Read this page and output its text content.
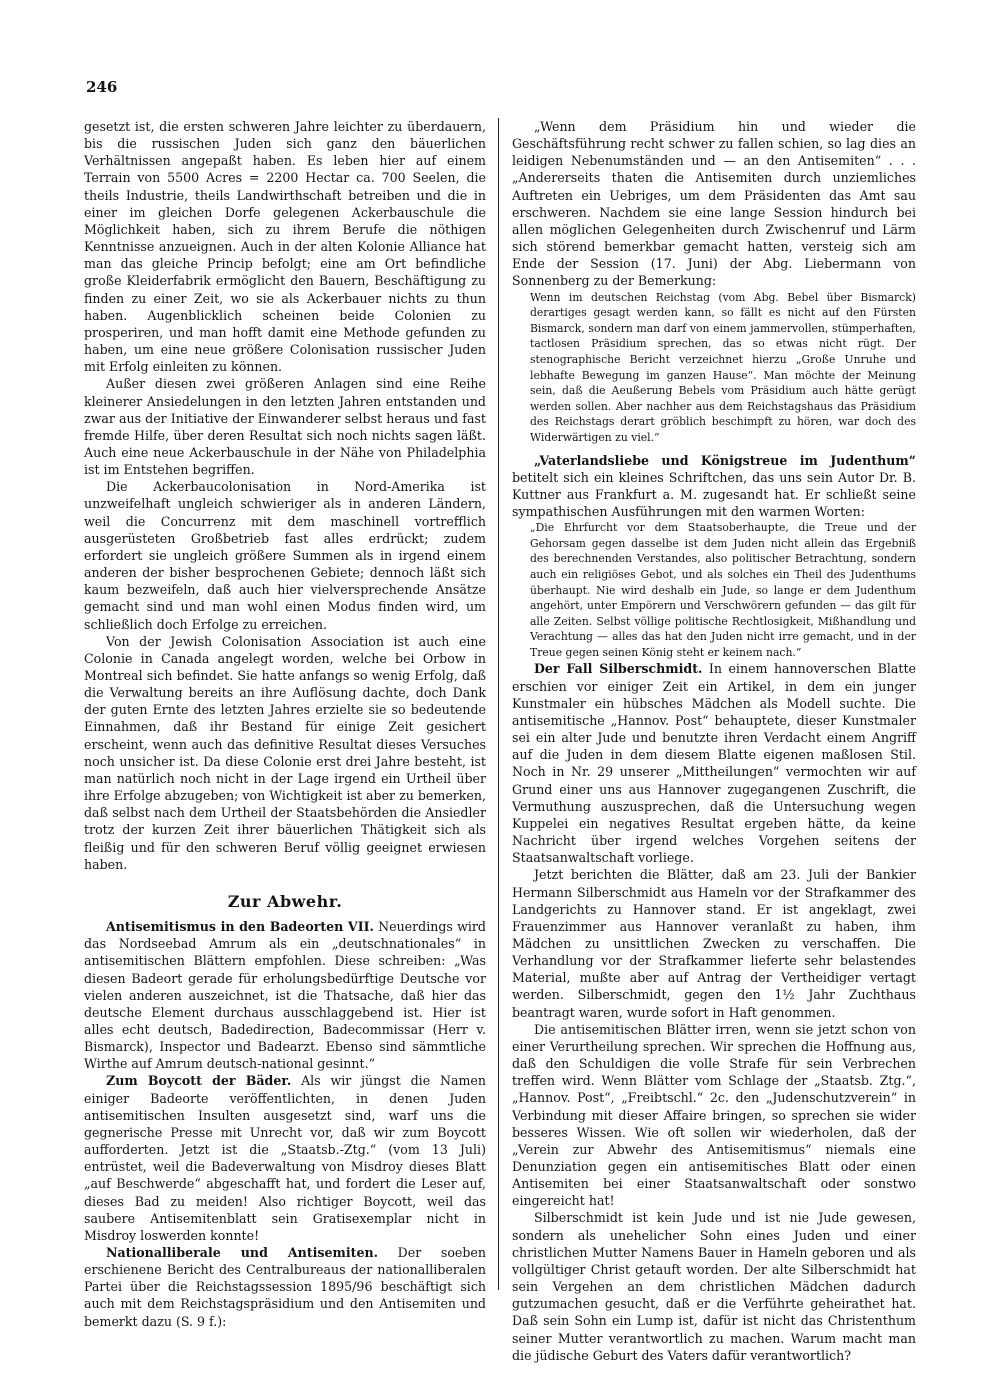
246

gesetzt ist, die ersten schweren Jahre leichter zu überdauern, bis die russischen Juden sich ganz den bäuerlichen Verhältnissen angepaßt haben. Es leben hier auf einem Terrain von 5500 Acres = 2200 Hectar ca. 700 Seelen, die theils Industrie, theils Landwirthschaft betreiben und die in einer im gleichen Dorfe gelegenen Ackerbauschule die Möglichkeit haben, sich zu ihrem Berufe die nöthigen Kenntnisse anzueignen. Auch in der alten Kolonie Alliance hat man das gleiche Princip befolgt; eine am Ort befindliche große Kleiderfabrik ermöglicht den Bauern, Beschäftigung zu finden zu einer Zeit, wo sie als Ackerbauer nichts zu thun haben. Augenblicklich scheinen beide Colonien zu prosperiren, und man hofft damit eine Methode gefunden zu haben, um eine neue größere Colonisation russischer Juden mit Erfolg einleiten zu können.

Außer diesen zwei größeren Anlagen sind eine Reihe kleinerer Ansiedelungen in den letzten Jahren entstanden und zwar aus der Initiative der Einwanderer selbst heraus und fast fremde Hilfe, über deren Resultat sich noch nichts sagen läßt. Auch eine neue Ackerbauschule in der Nähe von Philadelphia ist im Entstehen begriffen.

Die Ackerbaucolonisation in Nord-Amerika ist unzweifelhaft ungleich schwieriger als in anderen Ländern, weil die Concurrenz mit dem maschinell vortrefflich ausgerüsteten Großbetrieb fast alles erdrückt; zudem erfordert sie ungleich größere Summen als in irgend einem anderen der bisher besprochenen Gebiete; dennoch läßt sich kaum bezweifeln, daß auch hier vielversprechende Ansätze gemacht sind und man wohl einen Modus finden wird, um schließlich doch Erfolge zu erreichen.

Von der Jewish Colonisation Association ist auch eine Colonie in Canada angelegt worden, welche bei Orbow in Montreal sich befindet. Sie hatte anfangs so wenig Erfolg, daß die Verwaltung bereits an ihre Auflösung dachte, doch Dank der guten Ernte des letzten Jahres erzielte sie so bedeutende Einnahmen, daß ihr Bestand für einige Zeit gesichert erscheint, wenn auch das definitive Resultat dieses Versuches noch unsicher ist. Da diese Colonie erst drei Jahre besteht, ist man natürlich noch nicht in der Lage irgend ein Urtheil über ihre Erfolge abzugeben; von Wichtigkeit ist aber zu bemerken, daß selbst nach dem Urtheil der Staatsbehörden die Ansiedler trotz der kurzen Zeit ihrer bäuerlichen Thätigkeit sich als fleißig und für den schweren Beruf völlig geeignet erwiesen haben.

Zur Abwehr.

Antisemitismus in den Badeorten VII. Neuerdings wird das Nordseebad Amrum als ein „deutschnationales“ in antisemitischen Blättern empfohlen. Diese schreiben: „Was diesen Badeort gerade für erholungsbedürftige Deutsche vor vielen anderen auszeichnet, ist die Thatsache, daß hier das deutsche Element durchaus ausschlaggebend ist. Hier ist alles echt deutsch, Badedirection, Badecommissar (Herr v. Bismarck), Inspector und Badearzt. Ebenso sind sämmtliche Wirthe auf Amrum deutsch-national gesinnt.“

Zum Boycott der Bäder. Als wir jüngst die Namen einiger Badeorte veröffentlichten, in denen Juden antisemitischen Insulten ausgesetzt sind, warf uns die gegnerische Presse mit Unrecht vor, daß wir zum Boycott aufforderten. Jetzt ist die „Staatsb.-Ztg.“ (vom 13 Juli) entrüstet, weil die Badeverwaltung von Misdroy dieses Blatt „auf Beschwerde“ abgeschafft hat, und fordert die Leser auf, dieses Bad zu meiden! Also richtiger Boycott, weil das saubere Antisemitenblatt sein Gratisexemplar nicht in Misdroy loswerden konnte!

Nationalliberale und Antisemiten. Der soeben erschienene Bericht des Centralbureaus der nationalliberalen Partei über die Reichstagssession 1895/96 beschäftigt sich auch mit dem Reichstagspräsidium und den Antisemiten und bemerkt dazu (S. 9 f.):

„Wenn dem Präsidium hin und wieder die Geschäftsführung recht schwer zu fallen schien, so lag dies an leidigen Nebenumständen und — an den Antisemiten“ . . . „Andererseits thaten die Antisemiten durch unziemliches Auftreten ein Uebriges, um dem Präsidenten das Amt sau erschweren. Nachdem sie eine lange Session hindurch bei allen möglichen Gelegenheiten durch Zwischenruf und Lärm sich störend bemerkbar gemacht hatten, versteig sich am Ende der Session (17. Juni) der Abg. Liebermann von Sonnenberg zu der Bemerkung:

Wenn im deutschen Reichstag (vom Abg. Bebel über Bismarck) derartiges gesagt werden kann, so fällt es nicht auf den Fürsten Bismarck, sondern man darf von einem jammervollen, stümperhaften, tactlosen Präsidium sprechen, das so etwas nicht rügt. Der stenographische Bericht verzeichnet hierzu „Große Unruhe und lebhafte Bewegung im ganzen Hause“. Man möchte der Meinung sein, daß die Aeußerung Bebels vom Präsidium auch hätte gerügt werden sollen. Aber nachher aus dem Reichstagshaus das Präsidium des Reichstags derart gröblich beschimpft zu hören, war doch des Widerwärtigen zu viel.“

„Vaterlandsliebe und Königstreue im Judenthum“ betitelt sich ein kleines Schriftchen, das uns sein Autor Dr. B. Kuttner aus Frankfurt a. M. zugesandt hat. Er schließt seine sympathischen Ausführungen mit den warmen Worten:

„Die Ehrfurcht vor dem Staatsoberhaupte, die Treue und der Gehorsam gegen dasselbe ist dem Juden nicht allein das Ergebniß des berechnenden Verstandes, also politischer Betrachtung, sondern auch ein religiöses Gebot, und als solches ein Theil des Judenthums überhaupt. Nie wird deshalb ein Jude, so lange er dem Judenthum angehört, unter Empörern und Verschwörern gefunden — das gilt für alle Zeiten. Selbst völlige politische Rechtlosigkeit, Mißhandlung und Verachtung — alles das hat den Juden nicht irre gemacht, und in der Treue gegen seinen König steht er keinem nach.“

Der Fall Silberschmidt. In einem hannoverschen Blatte erschien vor einiger Zeit ein Artikel, in dem ein junger Kunstmaler ein hübsches Mädchen als Modell suchte. Die antisemitische „Hannov. Post“ behauptete, dieser Kunstmaler sei ein alter Jude und benutzte ihren Verdacht einem Angriff auf die Juden in dem diesem Blatte eigenen maßlosen Stil. Noch in Nr. 29 unserer „Mittheilungen“ vermochten wir auf Grund einer uns aus Hannover zugegangenen Zuschrift, die Vermuthung auszusprechen, daß die Untersuchung wegen Kuppelei ein negatives Resultat ergeben hätte, da keine Nachricht über irgend welches Vorgehen seitens der Staatsanwaltschaft vorliege.

Jetzt berichten die Blätter, daß am 23. Juli der Bankier Hermann Silberschmidt aus Hameln vor der Strafkammer des Landgerichts zu Hannover stand. Er ist angeklagt, zwei Frauenzimmer aus Hannover veranlaßt zu haben, ihm Mädchen zu unsittlichen Zwecken zu verschaffen. Die Verhandlung vor der Strafkammer lieferte sehr belastendes Material, mußte aber auf Antrag der Vertheidiger vertagt werden. Silberschmidt, gegen den 1½ Jahr Zuchthaus beantragt waren, wurde sofort in Haft genommen.

Die antisemitischen Blätter irren, wenn sie jetzt schon von einer Verurtheilung sprechen. Wir sprechen die Hoffnung aus, daß den Schuldigen die volle Strafe für sein Verbrechen treffen wird. Wenn Blätter vom Schlage der „Staatsb. Ztg.“, „Hannov. Post“, „Freibtschl.“ 2c. den „Judenschutzverein“ in Verbindung mit dieser Affaire bringen, so sprechen sie wider besseres Wissen. Wie oft sollen wir wiederholen, daß der „Verein zur Abwehr des Antisemitismus“ niemals eine Denunziation gegen ein antisemitisches Blatt oder einen Antisemiten bei einer Staatsanwaltschaft oder sonstwo eingereicht hat!

Silberschmidt ist kein Jude und ist nie Jude gewesen, sondern als unehelicher Sohn eines Juden und einer christlichen Mutter Namens Bauer in Hameln geboren und als vollgültiger Christ getauft worden. Der alte Silberschmidt hat sein Vergehen an dem christlichen Mädchen dadurch gutzumachen gesucht, daß er die Verführte geheirathet hat. Daß sein Sohn ein Lump ist, dafür ist nicht das Christenthum seiner Mutter verantwortlich zu machen. Warum macht man die jüdische Geburt des Vaters dafür verantwortlich?
